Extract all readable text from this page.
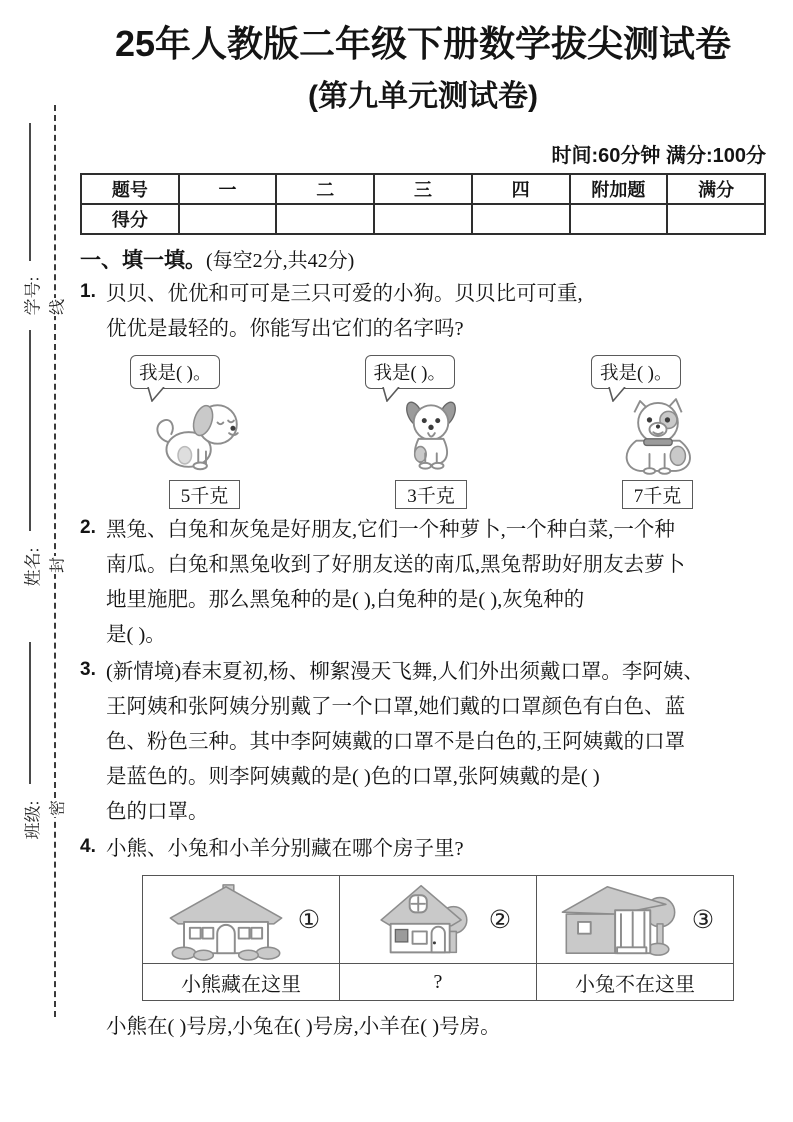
学号:
姓名:
班级:
线
封
密
25年人教版二年级下册数学拔尖测试卷
(第九单元测试卷)
时间:60分钟 满分:100分
题号	一	二	三	四	附加题	满分
得分						
一、填一填。(每空2分,共42分)
1. 贝贝、优优和可可是三只可爱的小狗。贝贝比可可重,
优优是最轻的。你能写出它们的名字吗?
我是( )。
5千克
我是( )。
3千克
我是( )。
7千克
2. 黑兔、白兔和灰兔是好朋友,它们一个种萝卜,一个种白菜,一个种
南瓜。白兔和黑兔收到了好朋友送的南瓜,黑兔帮助好朋友去萝卜
地里施肥。那么黑兔种的是( ),白兔种的是( ),灰兔种的
是( )。
3. (新情境)春末夏初,杨、柳絮漫天飞舞,人们外出须戴口罩。李阿姨、
王阿姨和张阿姨分别戴了一个口罩,她们戴的口罩颜色有白色、蓝
色、粉色三种。其中李阿姨戴的口罩不是白色的,王阿姨戴的口罩
是蓝色的。则李阿姨戴的是( )色的口罩,张阿姨戴的是( )
色的口罩。
4. 小熊、小兔和小羊分别藏在哪个房子里?
①	②	③

小熊藏在这里	?	小兔不在这里
小熊在( )号房,小兔在( )号房,小羊在( )号房。
